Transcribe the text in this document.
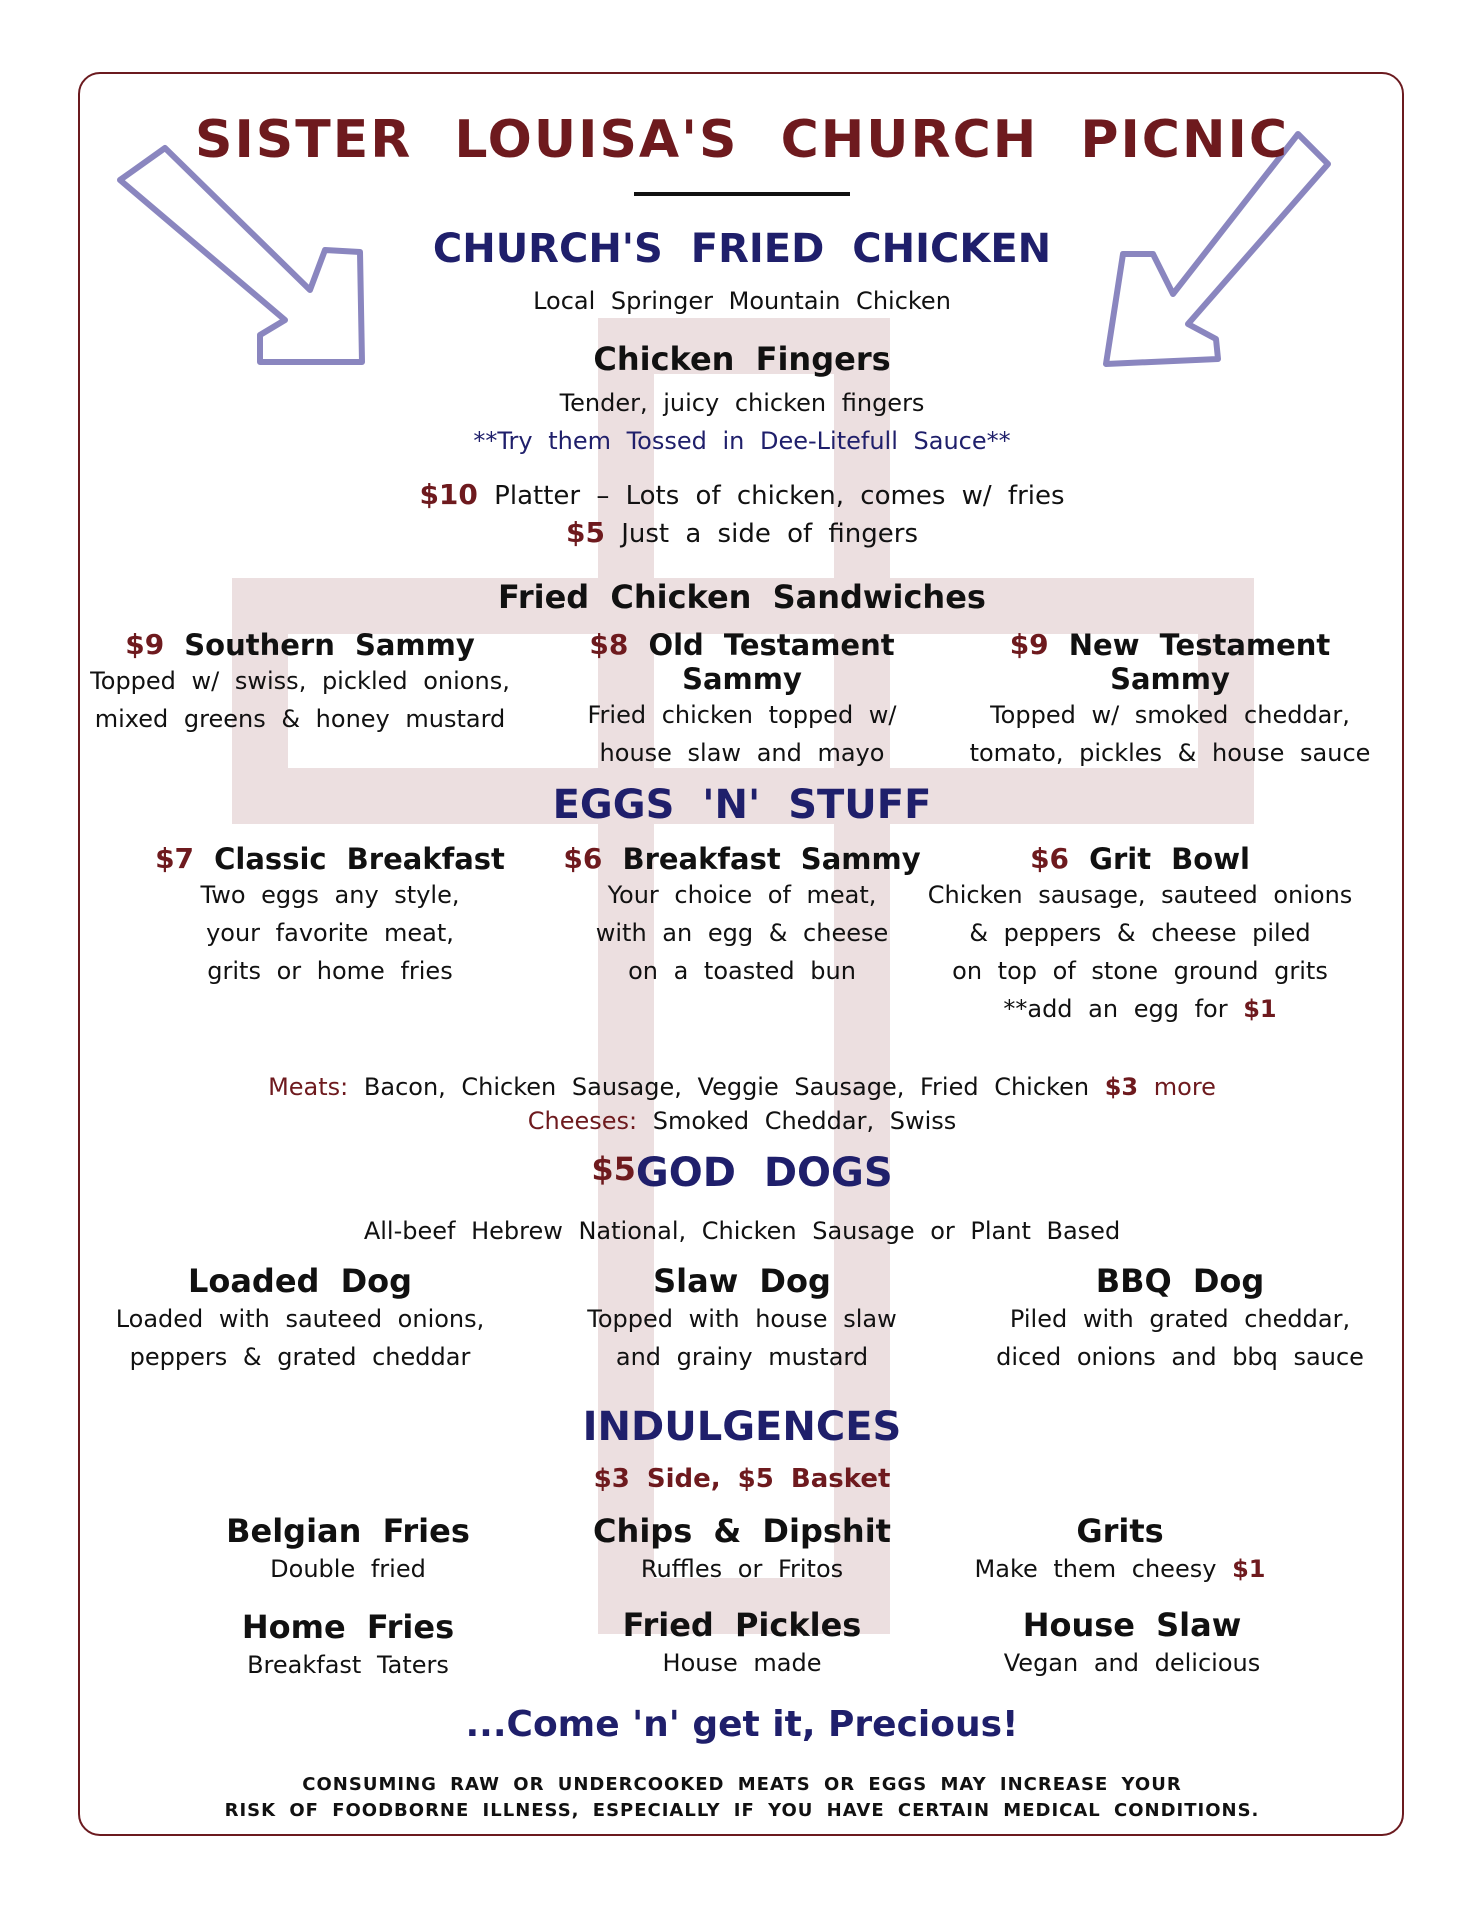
SISTER LOUISA'S CHURCH PICNIC
CHURCH'S FRIED CHICKEN
Local Springer Mountain Chicken
Chicken Fingers
Tender, juicy chicken fingers
**Try them Tossed in Dee-Litefull Sauce**
$10 Platter – Lots of chicken, comes w/ fries
$5 Just a side of fingers
Fried Chicken Sandwiches
$9 Southern Sammy
Topped w/ swiss, pickled onions,
mixed greens & honey mustard
$8 Old Testament Sammy
Fried chicken topped w/
house slaw and mayo
$9 New Testament Sammy
Topped w/ smoked cheddar,
tomato, pickles & house sauce
EGGS 'N' STUFF
$7 Classic Breakfast
Two eggs any style,
your favorite meat,
grits or home fries
$6 Breakfast Sammy
Your choice of meat,
with an egg & cheese
on a toasted bun
$6 Grit Bowl
Chicken sausage, sauteed onions
& peppers & cheese piled
on top of stone ground grits
**add an egg for $1
Meats: Bacon, Chicken Sausage, Veggie Sausage, Fried Chicken $3 more
Cheeses: Smoked Cheddar, Swiss
$^{\$5}$GOD DOGS
All-beef Hebrew National, Chicken Sausage or Plant Based
Loaded Dog
Loaded with sauteed onions,
peppers & grated cheddar
Slaw Dog
Topped with house slaw
and grainy mustard
BBQ Dog
Piled with grated cheddar,
diced onions and bbq sauce
INDULGENCES
$3 Side, $5 Basket
Belgian Fries
Double fried
Chips & Dipshit
Ruffles or Fritos
Grits
Make them cheesy $1
Home Fries
Breakfast Taters
Fried Pickles
House made
House Slaw
Vegan and delicious
...Come 'n' get it, Precious!
CONSUMING RAW OR UNDERCOOKED MEATS OR EGGS MAY INCREASE YOUR
RISK OF FOODBORNE ILLNESS, ESPECIALLY IF YOU HAVE CERTAIN MEDICAL CONDITIONS.
